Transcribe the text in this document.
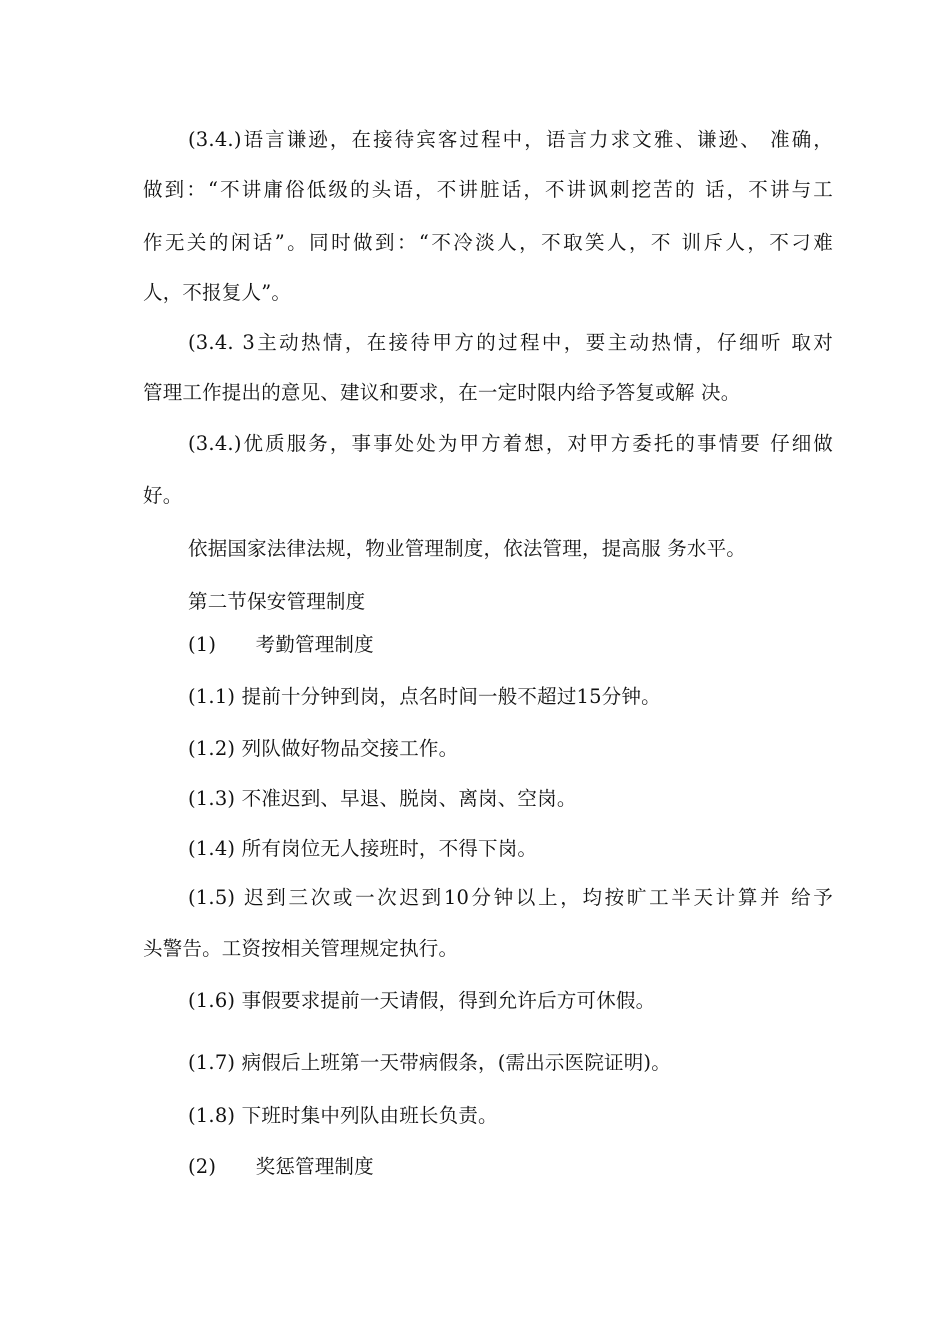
(3.4.)语言谦逊，在接待宾客过程中，语言力求文雅、谦逊、 准确，
做到：“不讲庸俗低级的头语，不讲脏话，不讲讽刺挖苦的 话，不讲与工
作无关的闲话”。同时做到：“不冷淡人，不取笑人，不 训斥人，不刁难
人，不报复人”。
(3.4. 3主动热情，在接待甲方的过程中，要主动热情，仔细听 取对
管理工作提出的意见、建议和要求，在一定时限内给予答复或解 决。
(3.4.)优质服务，事事处处为甲方着想，对甲方委托的事情要 仔细做
好。
依据国家法律法规，物业管理制度，依法管理，提高服 务水平。
第二节保安管理制度
(1)　　考勤管理制度
(1.1) 提前十分钟到岗，点名时间一般不超过15分钟。
(1.2) 列队做好物品交接工作。
(1.3) 不准迟到、早退、脱岗、离岗、空岗。
(1.4) 所有岗位无人接班时，不得下岗。
(1.5) 迟到三次或一次迟到10分钟以上，均按旷工半天计算并 给予
头警告。工资按相关管理规定执行。
(1.6) 事假要求提前一天请假，得到允许后方可休假。
(1.7) 病假后上班第一天带病假条，(需出示医院证明)。
(1.8) 下班时集中列队由班长负责。
(2)　　奖惩管理制度
